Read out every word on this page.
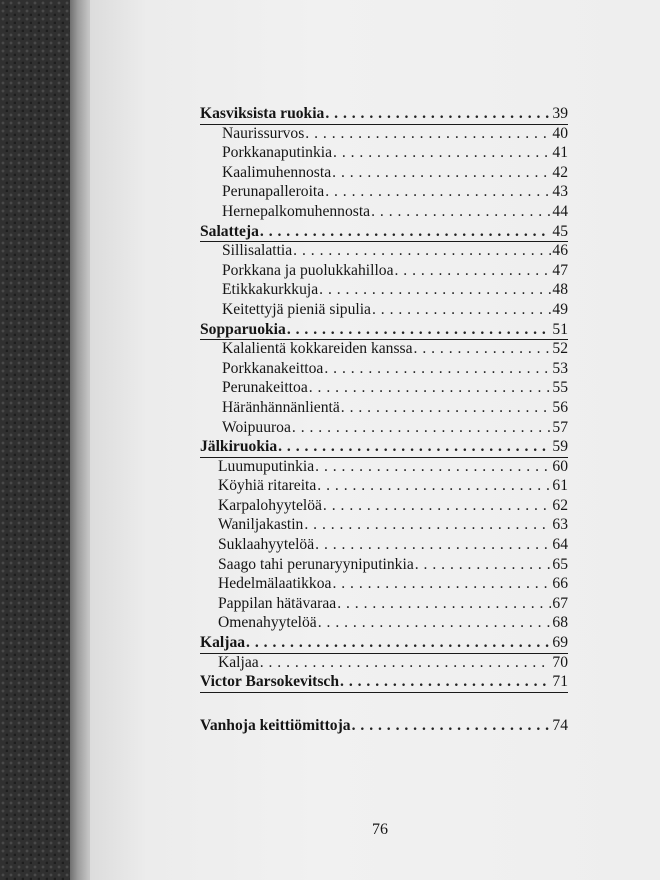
Kasviksista ruokia . . .	39
Naurissurvos . . .	40
Porkkanaputinkia . . .	41
Kaalimuhennosta . . .	42
Perunapalleroita . . .	43
Hernepalkomuhennosta . . .	44
Salatteja . . .	45
Sillisalattia . . .	46
Porkkana ja puolukkahilloa . . .	47
Etikkakurkkuja . . .	48
Keitettyjä pieniä sipulia . . .	49
Sopparuokia . . .	51
Kalalientä kokkareiden kanssa . . .	52
Porkkanakeittoa . . .	53
Perunakeittoa . . .	55
Häränhännänlientä . . .	56
Woipuuroa . . .	57
Jälkiruokia . . .	59
Luumuputinkia . . .	60
Köyhiä ritareita . . .	61
Karpalohyytelöä . . .	62
Waniljakastin . . .	63
Suklaahyytelöä . . .	64
Saago tahi perunaryyniputinkia . . .	65
Hedelmälaatikkoa . . .	66
Pappilan hätävaraa . . .	67
Omenahyytelöä . . .	68
Kaljaa . . .	69
Kaljaa . . .	70
Victor Barsokevitsch . . .	71
Vanhoja keittiömittoja . . .	74
76
